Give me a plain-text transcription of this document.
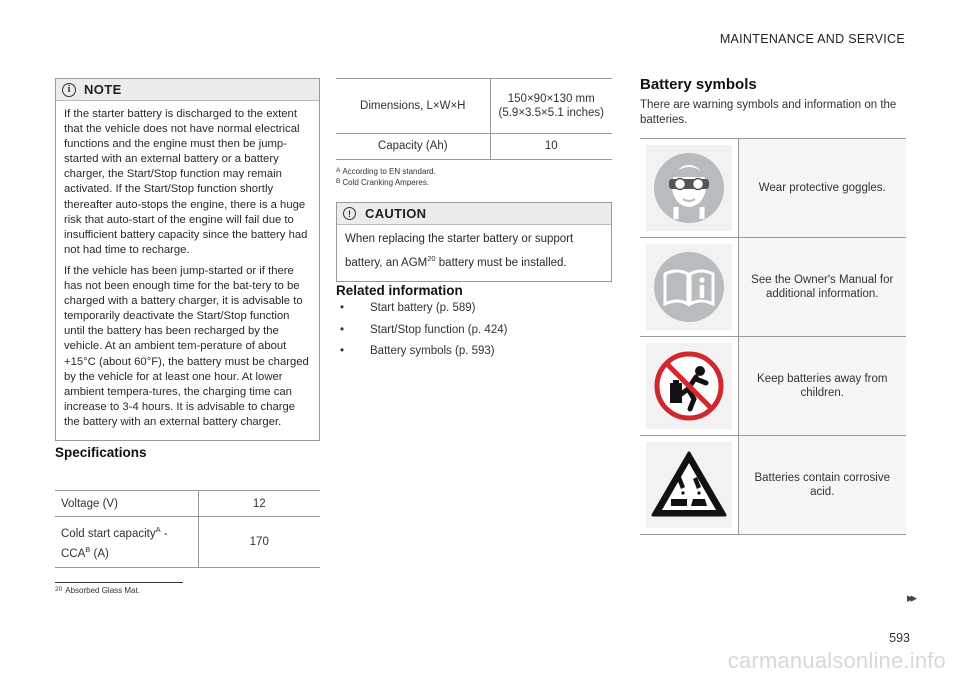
MAINTENANCE AND SERVICE
i	NOTE

If the starter battery is discharged to the extent that the vehicle does not have normal electrical functions and the engine must then be jump-started with an external battery or a battery charger, the Start/Stop function may remain activated. If the Start/Stop function shortly thereafter auto-stops the engine, there is a huge risk that auto-start of the engine will fail due to insufficient battery capacity since the battery had not had time to recharge.

If the vehicle has been jump-started or if there has not been enough time for the bat-tery to be charged with a battery charger, it is advisable to temporarily deactivate the Start/Stop function until the battery has been recharged by the vehicle. At an ambient tem-perature of about +15°C (about 60°F), the battery must be charged by the vehicle for at least one hour. At lower ambient tempera-tures, the charging time can increase to 3-4 hours. It is advisable to charge the battery with an external battery charger.

Specifications
Voltage (V)	12
Cold start capacity$^A$ - $CCA^B$ (A)	170
Dimensions, L×W×H	150×90×130 mm
(5.9×3.5×5.1 inches)
Capacity (Ah)	10
$^A$ According to EN standard.
$^B$ Cold Cranking Amperes.
!	CAUTION
When replacing the starter battery or support battery, an AGM$^{20}$ battery must be installed.
Related information
•	Start battery (p. 589)
•	Start/Stop function (p. 424)
•	Battery symbols (p. 593)
Battery symbols
There are warning symbols and information on the batteries.
	Wear protective goggles.

	See the Owner's Manual for additional information.

	Keep batteries away from children.

	Batteries contain corrosive acid.
$^{20}$ Absorbed Glass Mat.	▸▸
593
carmanualsonline.info
